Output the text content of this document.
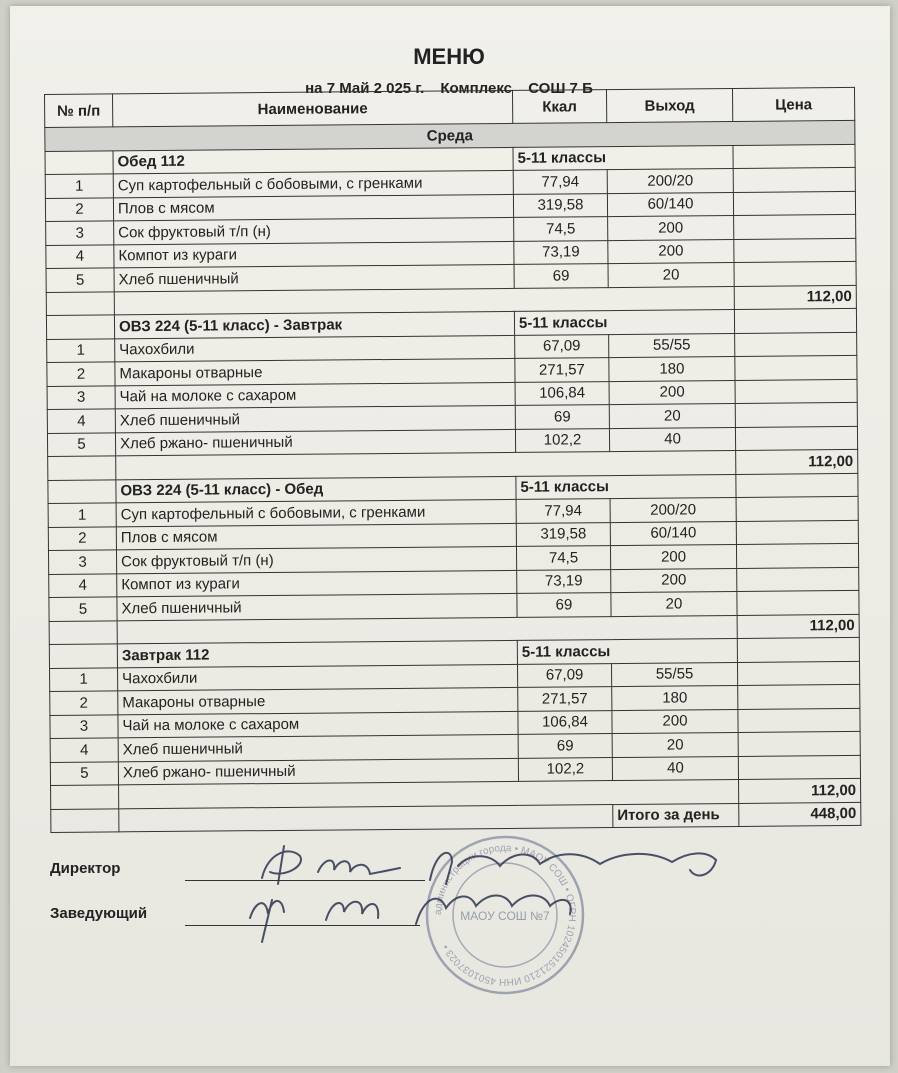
МЕНЮ
на 7 Май 2 025 г. Комплекс СОШ 7 Б
№ п/п	Наименование	Ккал	Выход	Цена
Среда				
	Обед 112	5-11 классы		
1	Суп картофельный с бобовыми, с гренками	77,94	200/20	
2	Плов с мясом	319,58	60/140	
3	Сок фруктовый т/п (н)	74,5	200	
4	Компот из кураги	73,19	200	
5	Хлеб пшеничный	69	20	
				112,00
	ОВЗ 224 (5-11 класс) - Завтрак	5-11 классы		
1	Чахохбили	67,09	55/55	
2	Макароны отварные	271,57	180	
3	Чай на молоке с сахаром	106,84	200	
4	Хлеб пшеничный	69	20	
5	Хлеб ржано- пшеничный	102,2	40	
				112,00
	ОВЗ 224 (5-11 класс) - Обед	5-11 классы		
1	Суп картофельный с бобовыми, с гренками	77,94	200/20	
2	Плов с мясом	319,58	60/140	
3	Сок фруктовый т/п (н)	74,5	200	
4	Компот из кураги	73,19	200	
5	Хлеб пшеничный	69	20	
				112,00
	Завтрак 112	5-11 классы		
1	Чахохбили	67,09	55/55	
2	Макароны отварные	271,57	180	
3	Чай на молоке с сахаром	106,84	200	
4	Хлеб пшеничный	69	20	
5	Хлеб ржано- пшеничный	102,2	40	
				112,00
			Итого за день	448,00
Директор
Заведующий	администрации города • МАОУ СОШ • ОГРН 1024501521210 ИНН 4501037023 •
МАОУ СОШ №7
